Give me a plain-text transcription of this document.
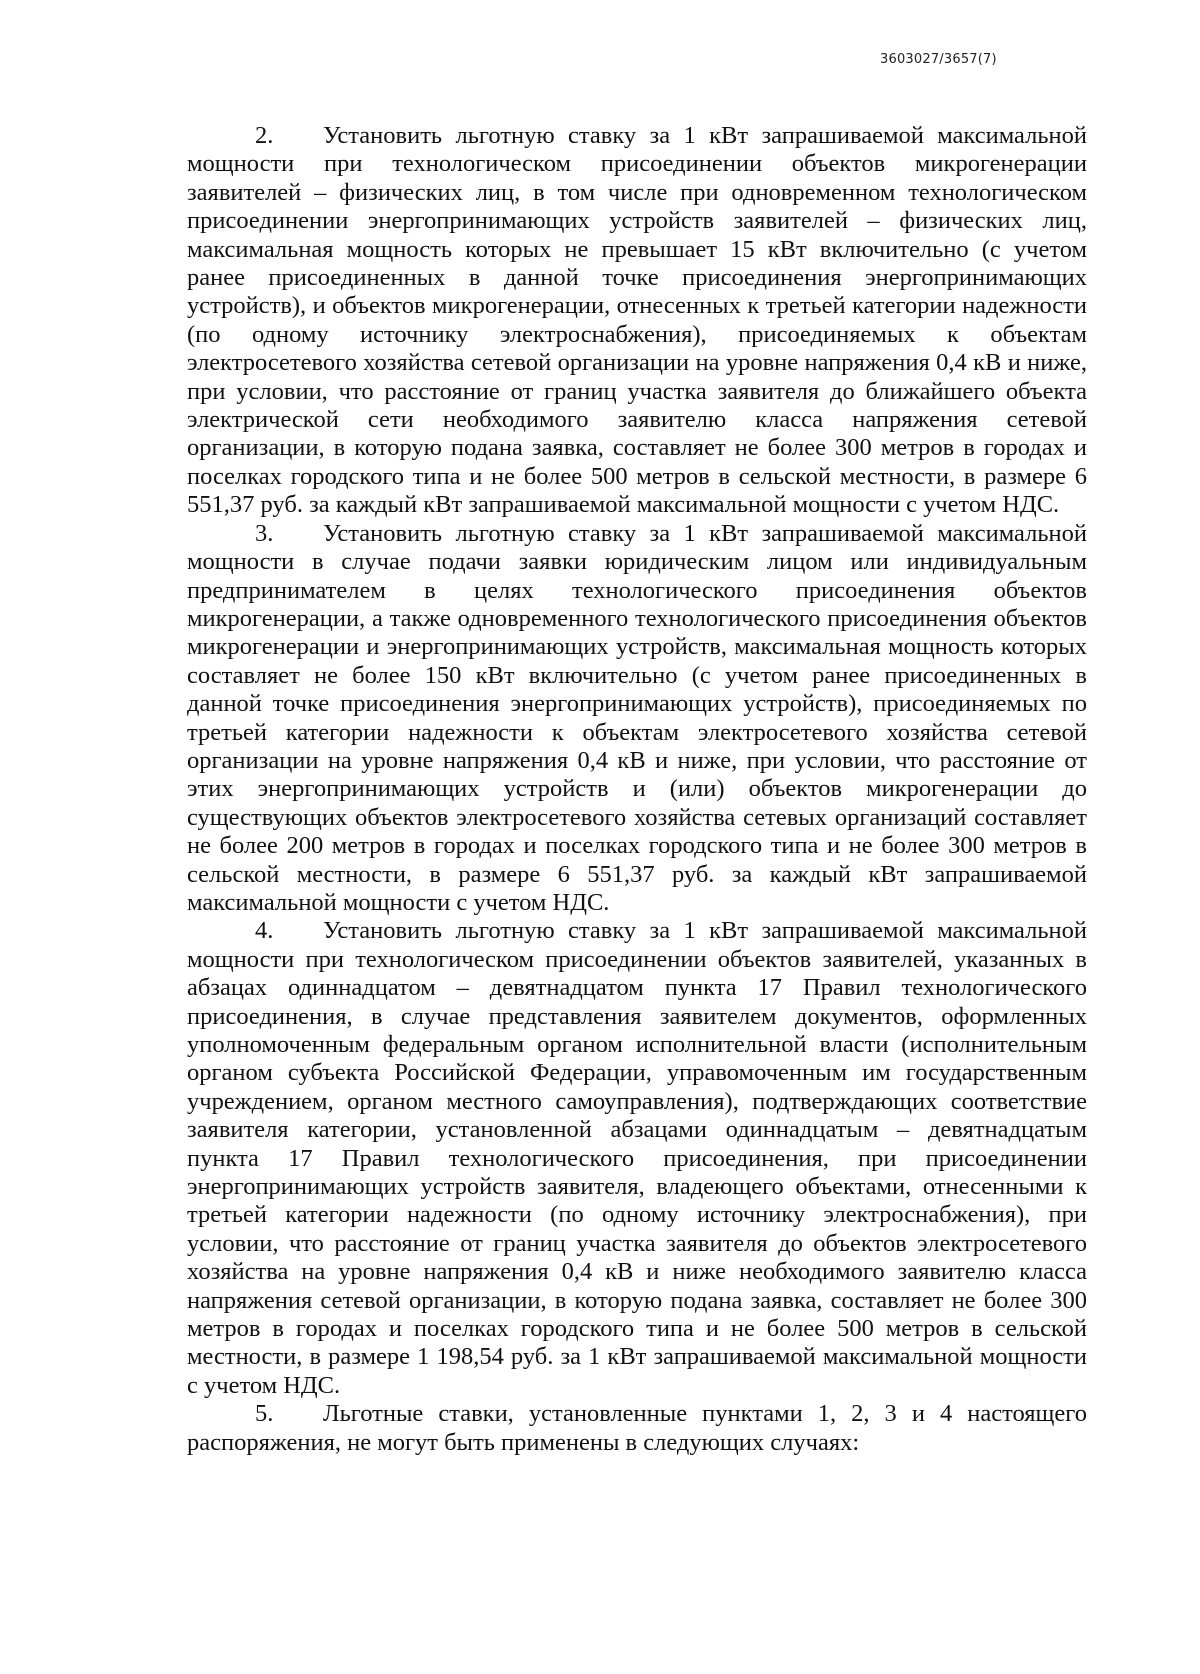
3603027/3657(7)

2. Установить льготную ставку за 1 кВт запрашиваемой максимальной мощности при технологическом присоединении объектов микрогенерации заявителей – физических лиц, в том числе при одновременном технологическом присоединении энергопринимающих устройств заявителей – физических лиц, максимальная мощность которых не превышает 15 кВт включительно (с учетом ранее присоединенных в данной точке присоединения энергопринимающих устройств), и объектов микрогенерации, отнесенных к третьей категории надежности (по одному источнику электроснабжения), присоединяемых к объектам электросетевого хозяйства сетевой организации на уровне напряжения 0,4 кВ и ниже, при условии, что расстояние от границ участка заявителя до ближайшего объекта электрической сети необходимого заявителю класса напряжения сетевой организации, в которую подана заявка, составляет не более 300 метров в городах и поселках городского типа и не более 500 метров в сельской местности, в размере 6 551,37 руб. за каждый кВт запрашиваемой максимальной мощности с учетом НДС.

3. Установить льготную ставку за 1 кВт запрашиваемой максимальной мощности в случае подачи заявки юридическим лицом или индивидуальным предпринимателем в целях технологического присоединения объектов микрогенерации, а также одновременного технологического присоединения объектов микрогенерации и энергопринимающих устройств, максимальная мощность которых составляет не более 150 кВт включительно (с учетом ранее присоединенных в данной точке присоединения энергопринимающих устройств), присоединяемых по третьей категории надежности к объектам электросетевого хозяйства сетевой организации на уровне напряжения 0,4 кВ и ниже, при условии, что расстояние от этих энергопринимающих устройств и (или) объектов микрогенерации до существующих объектов электросетевого хозяйства сетевых организаций составляет не более 200 метров в городах и поселках городского типа и не более 300 метров в сельской местности, в размере 6 551,37 руб. за каждый кВт запрашиваемой максимальной мощности с учетом НДС.

4. Установить льготную ставку за 1 кВт запрашиваемой максимальной мощности при технологическом присоединении объектов заявителей, указанных в абзацах одиннадцатом – девятнадцатом пункта 17 Правил технологического присоединения, в случае представления заявителем документов, оформленных уполномоченным федеральным органом исполнительной власти (исполнительным органом субъекта Российской Федерации, управомоченным им государственным учреждением, органом местного самоуправления), подтверждающих соответствие заявителя категории, установленной абзацами одиннадцатым – девятнадцатым пункта 17 Правил технологического присоединения, при присоединении энергопринимающих устройств заявителя, владеющего объектами, отнесенными к третьей категории надежности (по одному источнику электроснабжения), при условии, что расстояние от границ участка заявителя до объектов электросетевого хозяйства на уровне напряжения 0,4 кВ и ниже необходимого заявителю класса напряжения сетевой организации, в которую подана заявка, составляет не более 300 метров в городах и поселках городского типа и не более 500 метров в сельской местности, в размере 1 198,54 руб. за 1 кВт запрашиваемой максимальной мощности с учетом НДС.

5. Льготные ставки, установленные пунктами 1, 2, 3 и 4 настоящего распоряжения, не могут быть применены в следующих случаях:
